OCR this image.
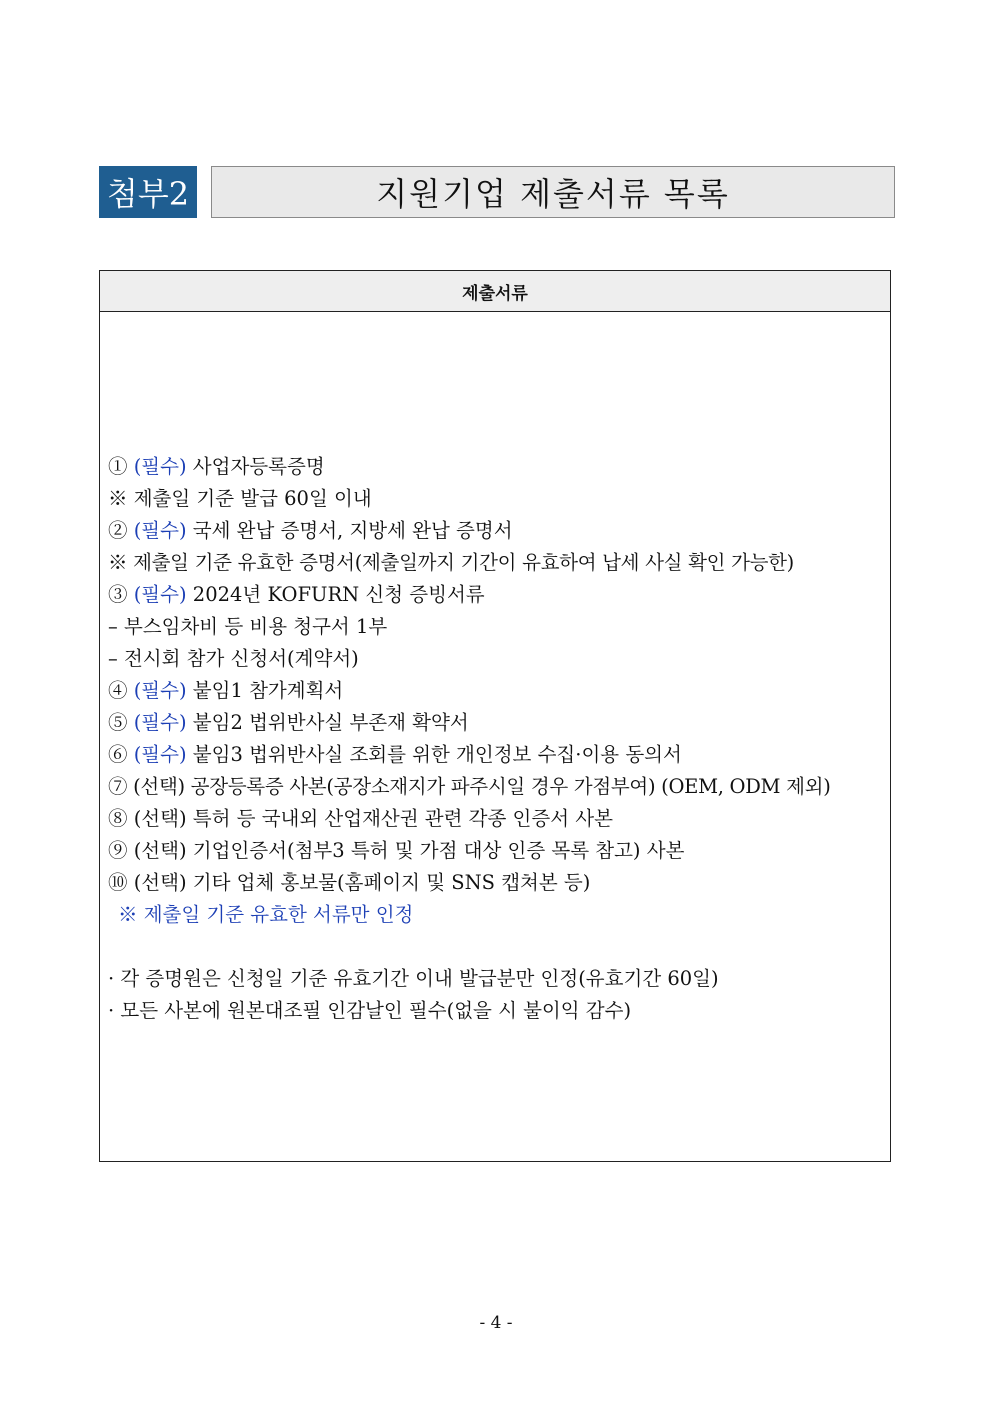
첨부2	지원기업 제출서류 목록
제출서류
① (필수) 사업자등록증명
※ 제출일 기준 발급 60일 이내
② (필수) 국세 완납 증명서, 지방세 완납 증명서
※ 제출일 기준 유효한 증명서(제출일까지 기간이 유효하여 납세 사실 확인 가능한)
③ (필수) 2024년 KOFURN 신청 증빙서류
– 부스임차비 등 비용 청구서 1부
– 전시회 참가 신청서(계약서)
④ (필수) 붙임1 참가계획서
⑤ (필수) 붙임2 법위반사실 부존재 확약서
⑥ (필수) 붙임3 법위반사실 조회를 위한 개인정보 수집·이용 동의서
⑦ (선택) 공장등록증 사본(공장소재지가 파주시일 경우 가점부여) (OEM, ODM 제외)
⑧ (선택) 특허 등 국내외 산업재산권 관련 각종 인증서 사본
⑨ (선택) 기업인증서(첨부3 특허 및 가점 대상 인증 목록 참고) 사본
⑩ (선택) 기타 업체 홍보물(홈페이지 및 SNS 캡쳐본 등)
※ 제출일 기준 유효한 서류만 인정
· 각 증명원은 신청일 기준 유효기간 이내 발급분만 인정(유효기간 60일)
· 모든 사본에 원본대조필 인감날인 필수(없을 시 불이익 감수)
- 4 -
